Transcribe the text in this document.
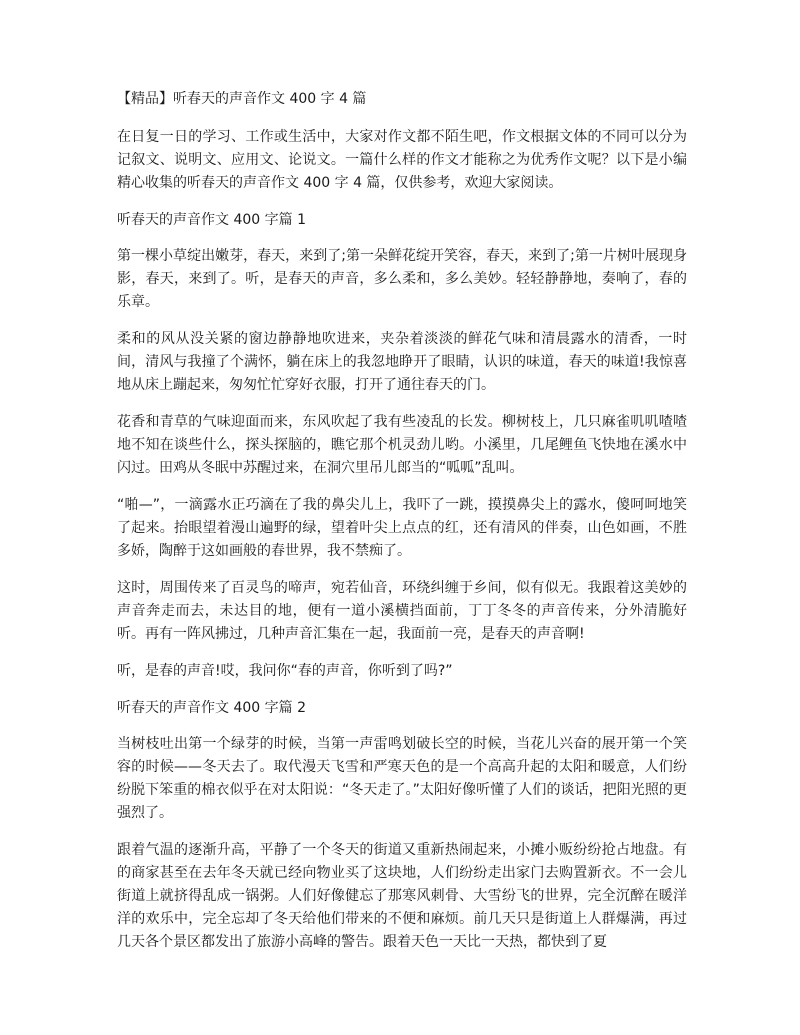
【精品】听春天的声音作文 400 字 4 篇

在日复一日的学习、工作或生活中，大家对作文都不陌生吧，作文根据文体的不同可以分为记叙文、说明文、应用文、论说文。一篇什么样的作文才能称之为优秀作文呢？以下是小编精心收集的听春天的声音作文 400 字 4 篇，仅供参考，欢迎大家阅读。

听春天的声音作文 400 字篇 1

第一棵小草绽出嫩芽，春天，来到了;第一朵鲜花绽开笑容，春天，来到了;第一片树叶展现身影，春天，来到了。听，是春天的声音，多么柔和，多么美妙。轻轻静静地，奏响了，春的乐章。

柔和的风从没关紧的窗边静静地吹进来，夹杂着淡淡的鲜花气味和清晨露水的清香，一时间，清风与我撞了个满怀，躺在床上的我忽地睁开了眼睛，认识的味道，春天的味道!我惊喜地从床上蹦起来，匆匆忙忙穿好衣服，打开了通往春天的门。

花香和青草的气味迎面而来，东风吹起了我有些凌乱的长发。柳树枝上，几只麻雀叽叽喳喳地不知在谈些什么，探头探脑的，瞧它那个机灵劲儿哟。小溪里，几尾鲤鱼飞快地在溪水中闪过。田鸡从冬眠中苏醒过来，在洞穴里吊儿郎当的“呱呱”乱叫。

“啪—”，一滴露水正巧滴在了我的鼻尖儿上，我吓了一跳，摸摸鼻尖上的露水，傻呵呵地笑了起来。抬眼望着漫山遍野的绿，望着叶尖上点点的红，还有清风的伴奏，山色如画，不胜多娇，陶醉于这如画般的春世界，我不禁痴了。

这时，周围传来了百灵鸟的啼声，宛若仙音，环绕纠缠于乡间，似有似无。我跟着这美妙的声音奔走而去，未达目的地，便有一道小溪横挡面前，丁丁冬冬的声音传来，分外清脆好听。再有一阵风拂过，几种声音汇集在一起，我面前一亮，是春天的声音啊!

听，是春的声音!哎，我问你“春的声音，你听到了吗?”

听春天的声音作文 400 字篇 2

当树枝吐出第一个绿芽的时候，当第一声雷鸣划破长空的时候，当花儿兴奋的展开第一个笑容的时候——冬天去了。取代漫天飞雪和严寒天色的是一个高高升起的太阳和暖意，人们纷纷脱下笨重的棉衣似乎在对太阳说：“冬天走了。”太阳好像听懂了人们的谈话，把阳光照的更强烈了。

跟着气温的逐渐升高，平静了一个冬天的街道又重新热闹起来，小摊小贩纷纷抢占地盘。有的商家甚至在去年冬天就已经向物业买了这块地，人们纷纷走出家门去购置新衣。不一会儿街道上就挤得乱成一锅粥。人们好像健忘了那寒风刺骨、大雪纷飞的世界，完全沉醉在暖洋洋的欢乐中，完全忘却了冬天给他们带来的不便和麻烦。前几天只是街道上人群爆满，再过几天各个景区都发出了旅游小高峰的警告。跟着天色一天比一天热，都快到了夏
